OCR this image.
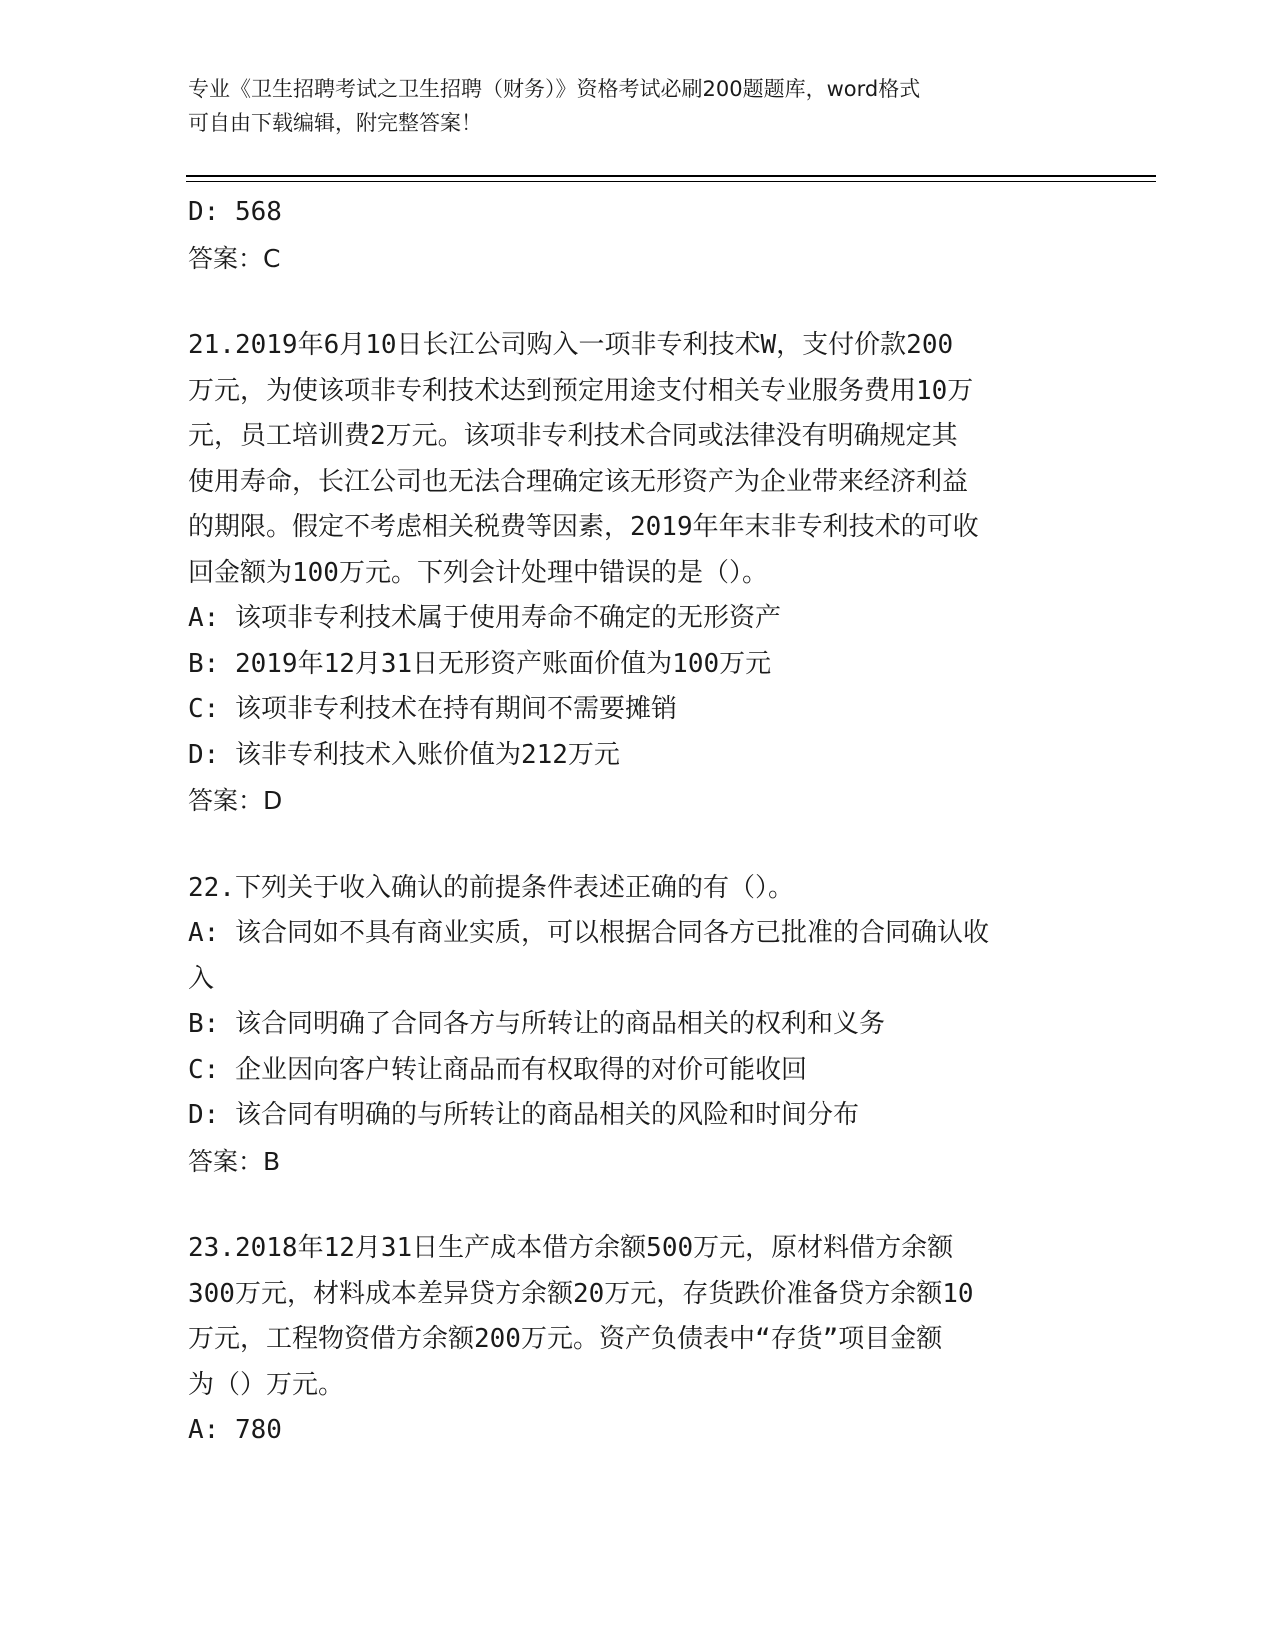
专业《卫生招聘考试之卫生招聘（财务）》资格考试必刷200题题库，word格式
可自由下载编辑，附完整答案！
D: 568
答案：C
21.2019年6月10日长江公司购入一项非专利技术W，支付价款200
万元，为使该项非专利技术达到预定用途支付相关专业服务费用10万
元，员工培训费2万元。该项非专利技术合同或法律没有明确规定其
使用寿命，长江公司也无法合理确定该无形资产为企业带来经济利益
的期限。假定不考虑相关税费等因素，2019年年末非专利技术的可收
回金额为100万元。下列会计处理中错误的是（）。
A: 该项非专利技术属于使用寿命不确定的无形资产
B: 2019年12月31日无形资产账面价值为100万元
C: 该项非专利技术在持有期间不需要摊销
D: 该非专利技术入账价值为212万元
答案：D
22.下列关于收入确认的前提条件表述正确的有（）。
A: 该合同如不具有商业实质，可以根据合同各方已批准的合同确认收
入
B: 该合同明确了合同各方与所转让的商品相关的权利和义务
C: 企业因向客户转让商品而有权取得的对价可能收回
D: 该合同有明确的与所转让的商品相关的风险和时间分布
答案：B
23.2018年12月31日生产成本借方余额500万元，原材料借方余额
300万元，材料成本差异贷方余额20万元，存货跌价准备贷方余额10
万元，工程物资借方余额200万元。资产负债表中“存货”项目金额
为（）万元。
A: 780
